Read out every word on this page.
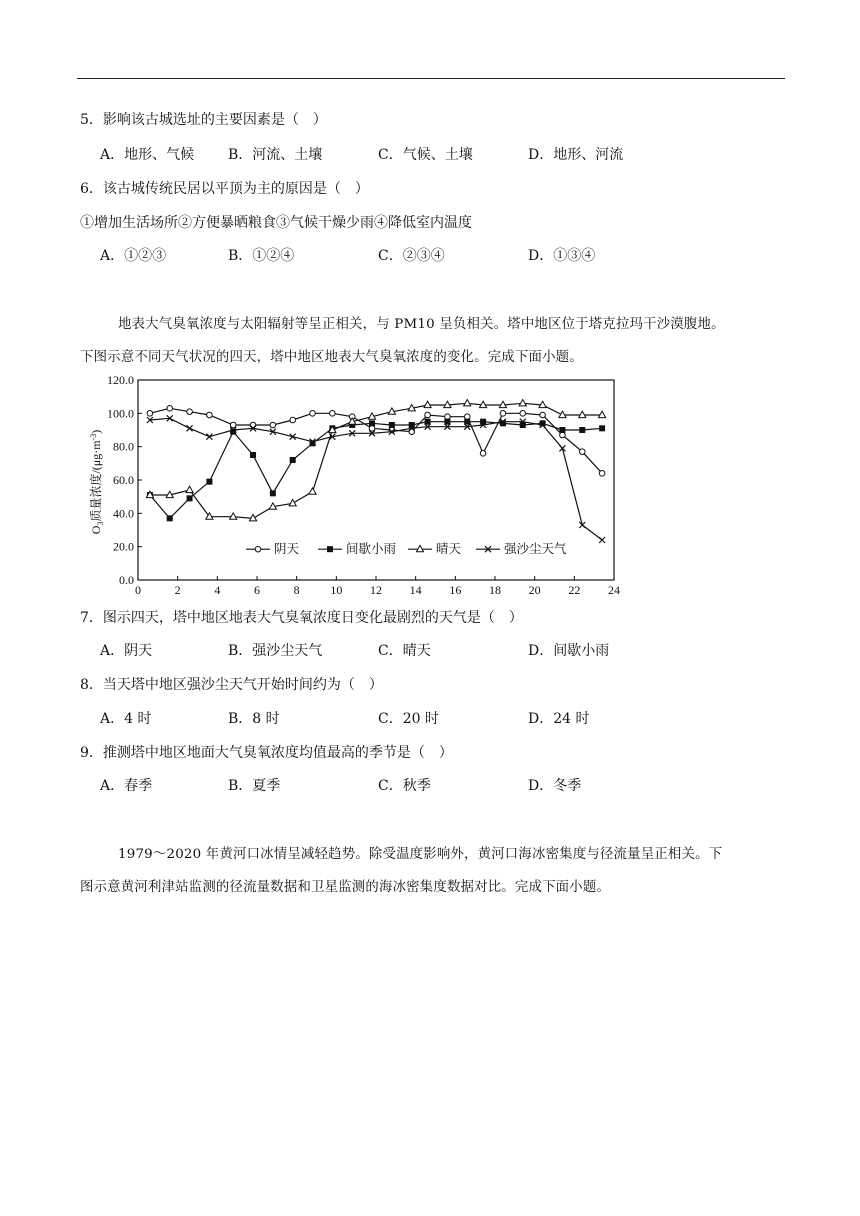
5．影响该古城选址的主要因素是（　）
A．地形、气候 B．河流、土壤	C．气候、土壤	D．地形、河流
6．该古城传统民居以平顶为主的原因是（　）
①增加生活场所②方便暴晒粮食③气候干燥少雨④降低室内温度
A．①②③	B．①②④	C．②③④	D．①③④
地表大气臭氧浓度与太阳辐射等呈正相关，与 PM10 呈负相关。塔中地区位于塔克拉玛干沙漠腹地。
下图示意不同天气状况的四天，塔中地区地表大气臭氧浓度的变化。完成下面小题。
$O_3$质量浓度$/(\mu g\cdot m^{-3})$
0	2	4	6	8	10 12 14 16 18 20 22 24
0.0
20.0
40.0
60.0
80.0
100.0
120.0
阴天	间歇小雨	晴天	强沙尘天气
7．图示四天，塔中地区地表大气臭氧浓度日变化最剧烈的天气是（　）
A．阴天	B．强沙尘天气	C．晴天	D．间歇小雨
8．当天塔中地区强沙尘天气开始时间约为（　）
A．4 时	B．8 时	C．20 时	D．24 时
9．推测塔中地区地面大气臭氧浓度均值最高的季节是（　）
A．春季	B．夏季	C．秋季	D．冬季
1979～2020 年黄河口冰情呈减轻趋势。除受温度影响外，黄河口海冰密集度与径流量呈正相关。下
图示意黄河利津站监测的径流量数据和卫星监测的海冰密集度数据对比。完成下面小题。
